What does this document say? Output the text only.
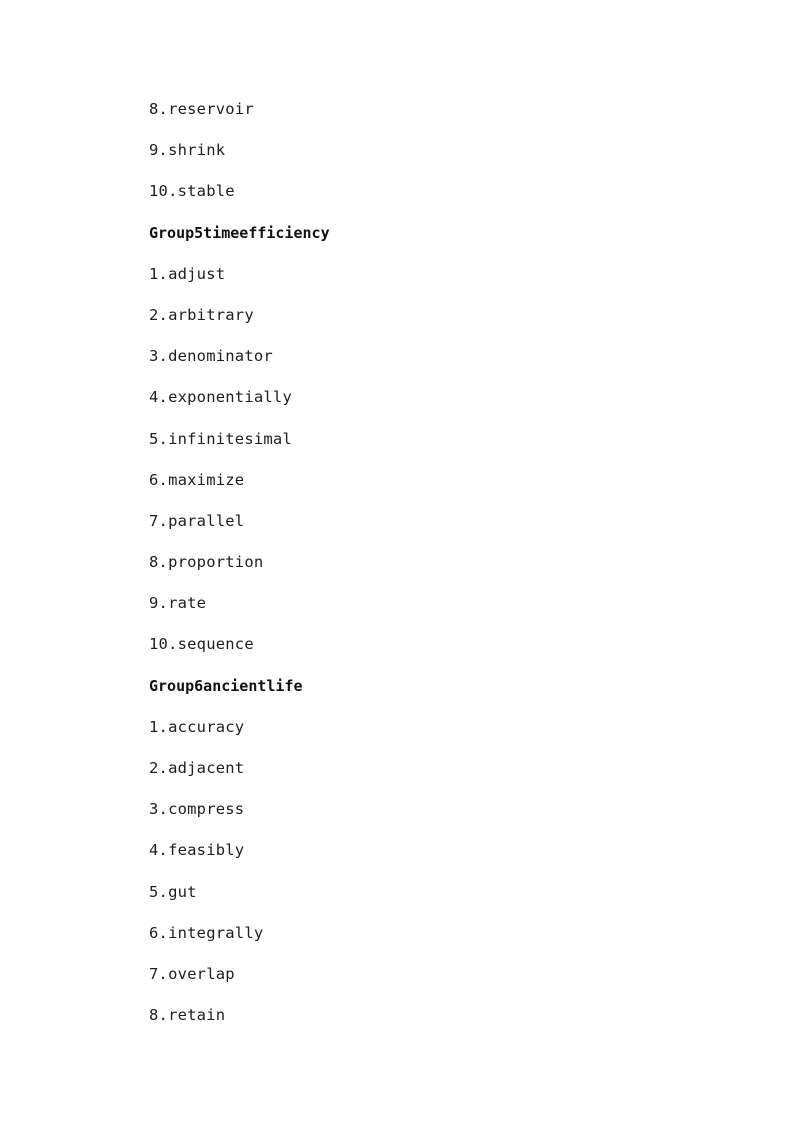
8.reservoir
9.shrink
10.stable
Group5timeefficiency
1.adjust
2.arbitrary
3.denominator
4.exponentially
5.infinitesimal
6.maximize
7.parallel
8.proportion
9.rate
10.sequence
Group6ancientlife
1.accuracy
2.adjacent
3.compress
4.feasibly
5.gut
6.integrally
7.overlap
8.retain
